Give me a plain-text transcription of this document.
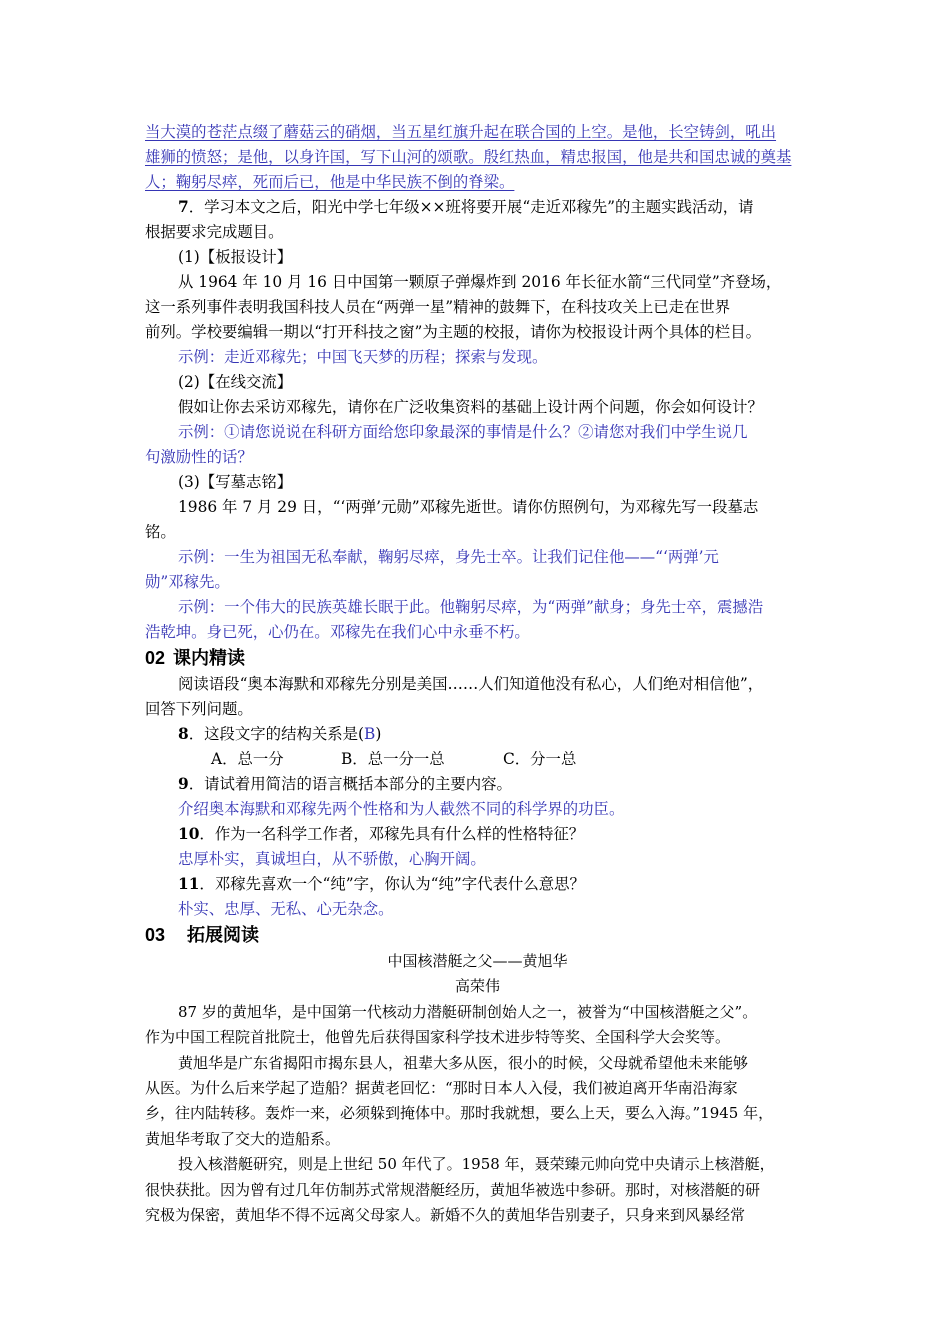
当大漠的苍茫点缀了蘑菇云的硝烟，当五星红旗升起在联合国的上空。是他，长空铸剑，吼出
雄狮的愤怒；是他，以身许国，写下山河的颂歌。殷红热血，精忠报国，他是共和国忠诚的奠基
人；鞠躬尽瘁，死而后已，他是中华民族不倒的脊梁。
7．学习本文之后，阳光中学七年级××班将要开展“走近邓稼先”的主题实践活动，请
根据要求完成题目。
(1)【板报设计】
从 1964 年 10 月 16 日中国第一颗原子弹爆炸到 2016 年长征水箭“三代同堂”齐登场，
这一系列事件表明我国科技人员在“两弹一星”精神的鼓舞下，在科技攻关上已走在世界
前列。学校要编辑一期以“打开科技之窗”为主题的校报，请你为校报设计两个具体的栏目。
示例：走近邓稼先；中国飞天梦的历程；探索与发现。
(2)【在线交流】
假如让你去采访邓稼先，请你在广泛收集资料的基础上设计两个问题，你会如何设计？
示例：①请您说说在科研方面给您印象最深的事情是什么？②请您对我们中学生说几
句激励性的话？
(3)【写墓志铭】
1986 年 7 月 29 日，“‘两弹’元勋”邓稼先逝世。请你仿照例句，为邓稼先写一段墓志
铭。
示例：一生为祖国无私奉献，鞠躬尽瘁，身先士卒。让我们记住他——“‘两弹’元
勋”邓稼先。
示例：一个伟大的民族英雄长眠于此。他鞠躬尽瘁，为“两弹”献身；身先士卒，震撼浩
浩乾坤。身已死，心仍在。邓稼先在我们心中永垂不朽。
02 课内精读
阅读语段“奥本海默和邓稼先分别是美国……人们知道他没有私心，人们绝对相信他”，
回答下列问题。
8．这段文字的结构关系是(B)
A．总一分	B．总一分一总	C．分一总
9．请试着用简洁的语言概括本部分的主要内容。
介绍奥本海默和邓稼先两个性格和为人截然不同的科学界的功臣。
10．作为一名科学工作者，邓稼先具有什么样的性格特征？
忠厚朴实，真诚坦白，从不骄傲，心胸开阔。
11．邓稼先喜欢一个“纯”字，你认为“纯”字代表什么意思？
朴实、忠厚、无私、心无杂念。
03 拓展阅读
中国核潜艇之父——黄旭华
高荣伟
87 岁的黄旭华，是中国第一代核动力潜艇研制创始人之一，被誉为“中国核潜艇之父”。
作为中国工程院首批院士，他曾先后获得国家科学技术进步特等奖、全国科学大会奖等。
黄旭华是广东省揭阳市揭东县人，祖辈大多从医，很小的时候，父母就希望他未来能够
从医。为什么后来学起了造船？据黄老回忆：“那时日本人入侵，我们被迫离开华南沿海家
乡，往内陆转移。轰炸一来，必须躲到掩体中。那时我就想，要么上天，要么入海。”1945 年，
黄旭华考取了交大的造船系。
投入核潜艇研究，则是上世纪 50 年代了。1958 年，聂荣臻元帅向党中央请示上核潜艇，
很快获批。因为曾有过几年仿制苏式常规潜艇经历，黄旭华被选中参研。那时，对核潜艇的研
究极为保密，黄旭华不得不远离父母家人。新婚不久的黄旭华告别妻子，只身来到风暴经常
